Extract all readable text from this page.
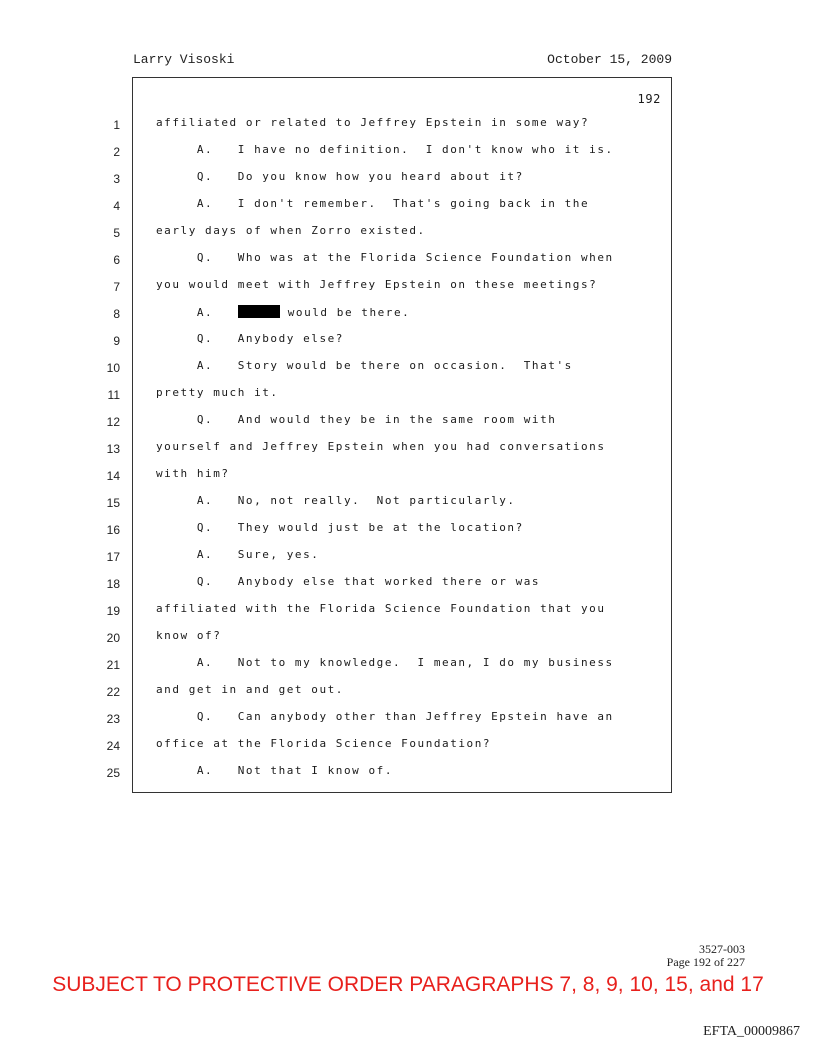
Larry Visoski	October 15, 2009
192
1	affiliated or related to Jeffrey Epstein in some way?
2	A.   I have no definition.  I don't know who it is.
3	Q.   Do you know how you heard about it?
4	A.   I don't remember.  That's going back in the
5	early days of when Zorro existed.
6	Q.   Who was at the Florida Science Foundation when
7	you would meet with Jeffrey Epstein on these meetings?
8	A.	would be there.
9	Q.   Anybody else?
10	A.   Story would be there on occasion.  That's
11	pretty much it.
12	Q.   And would they be in the same room with
13	yourself and Jeffrey Epstein when you had conversations
14	with him?
15	A.   No, not really.  Not particularly.
16	Q.   They would just be at the location?
17	A.   Sure, yes.
18	Q.   Anybody else that worked there or was
19	affiliated with the Florida Science Foundation that you
20	know of?
21	A.   Not to my knowledge.  I mean, I do my business
22	and get in and get out.
23	Q.   Can anybody other than Jeffrey Epstein have an
24	office at the Florida Science Foundation?
25	A.   Not that I know of.
3527-003
Page 192 of 227
SUBJECT TO PROTECTIVE ORDER PARAGRAPHS 7, 8, 9, 10, 15, and 17
EFTA_00009867
